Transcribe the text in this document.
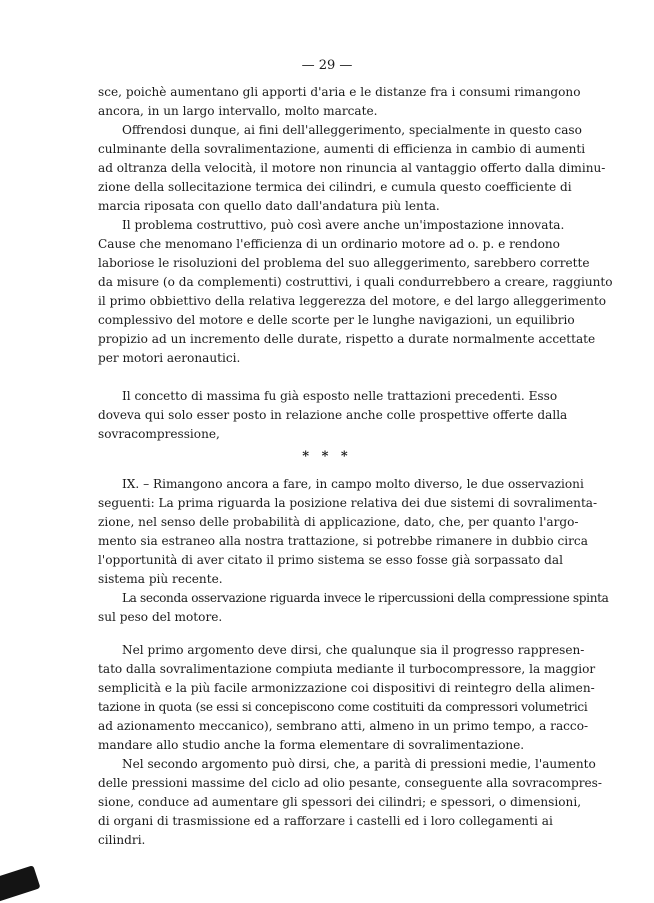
— 29 —
sce, poichè aumentano gli apporti d'aria e le distanze fra i consumi rimangono
ancora, in un largo intervallo, molto marcate.
Offrendosi dunque, ai fini dell'alleggerimento, specialmente in questo caso
culminante della sovralimentazione, aumenti di efficienza in cambio di aumenti
ad oltranza della velocità, il motore non rinuncia al vantaggio offerto dalla diminu-
zione della sollecitazione termica dei cilindri, e cumula questo coefficiente di
marcia riposata con quello dato dall'andatura più lenta.
Il problema costruttivo, può così avere anche un'impostazione innovata.
Cause che menomano l'efficienza di un ordinario motore ad o. p. e rendono
laboriose le risoluzioni del problema del suo alleggerimento, sarebbero corrette
da misure (o da complementi) costruttivi, i quali condurrebbero a creare, raggiunto
il primo obbiettivo della relativa leggerezza del motore, e del largo alleggerimento
complessivo del motore e delle scorte per le lunghe navigazioni, un equilibrio
propizio ad un incremento delle durate, rispetto a durate normalmente accettate
per motori aeronautici.
Il concetto di massima fu già esposto nelle trattazioni precedenti. Esso
doveva qui solo esser posto in relazione anche colle prospettive offerte dalla
sovracompressione,
* * *
IX. – Rimangono ancora a fare, in campo molto diverso, le due osservazioni
seguenti: La prima riguarda la posizione relativa dei due sistemi di sovralimenta-
zione, nel senso delle probabilità di applicazione, dato, che, per quanto l'argo-
mento sia estraneo alla nostra trattazione, si potrebbe rimanere in dubbio circa
l'opportunità di aver citato il primo sistema se esso fosse già sorpassato dal
sistema più recente.
La seconda osservazione riguarda invece le ripercussioni della compressione spinta
sul peso del motore.
Nel primo argomento deve dirsi, che qualunque sia il progresso rappresen-
tato dalla sovralimentazione compiuta mediante il turbocompressore, la maggior
semplicità e la più facile armonizzazione coi dispositivi di reintegro della alimen-
tazione in quota (se essi si concepiscono come costituiti da compressori volumetrici
ad azionamento meccanico), sembrano atti, almeno in un primo tempo, a racco-
mandare allo studio anche la forma elementare di sovralimentazione.
Nel secondo argomento può dirsi, che, a parità di pressioni medie, l'aumento
delle pressioni massime del ciclo ad olio pesante, conseguente alla sovracompres-
sione, conduce ad aumentare gli spessori dei cilindri; e spessori, o dimensioni,
di organi di trasmissione ed a rafforzare i castelli ed i loro collegamenti ai
cilindri.
